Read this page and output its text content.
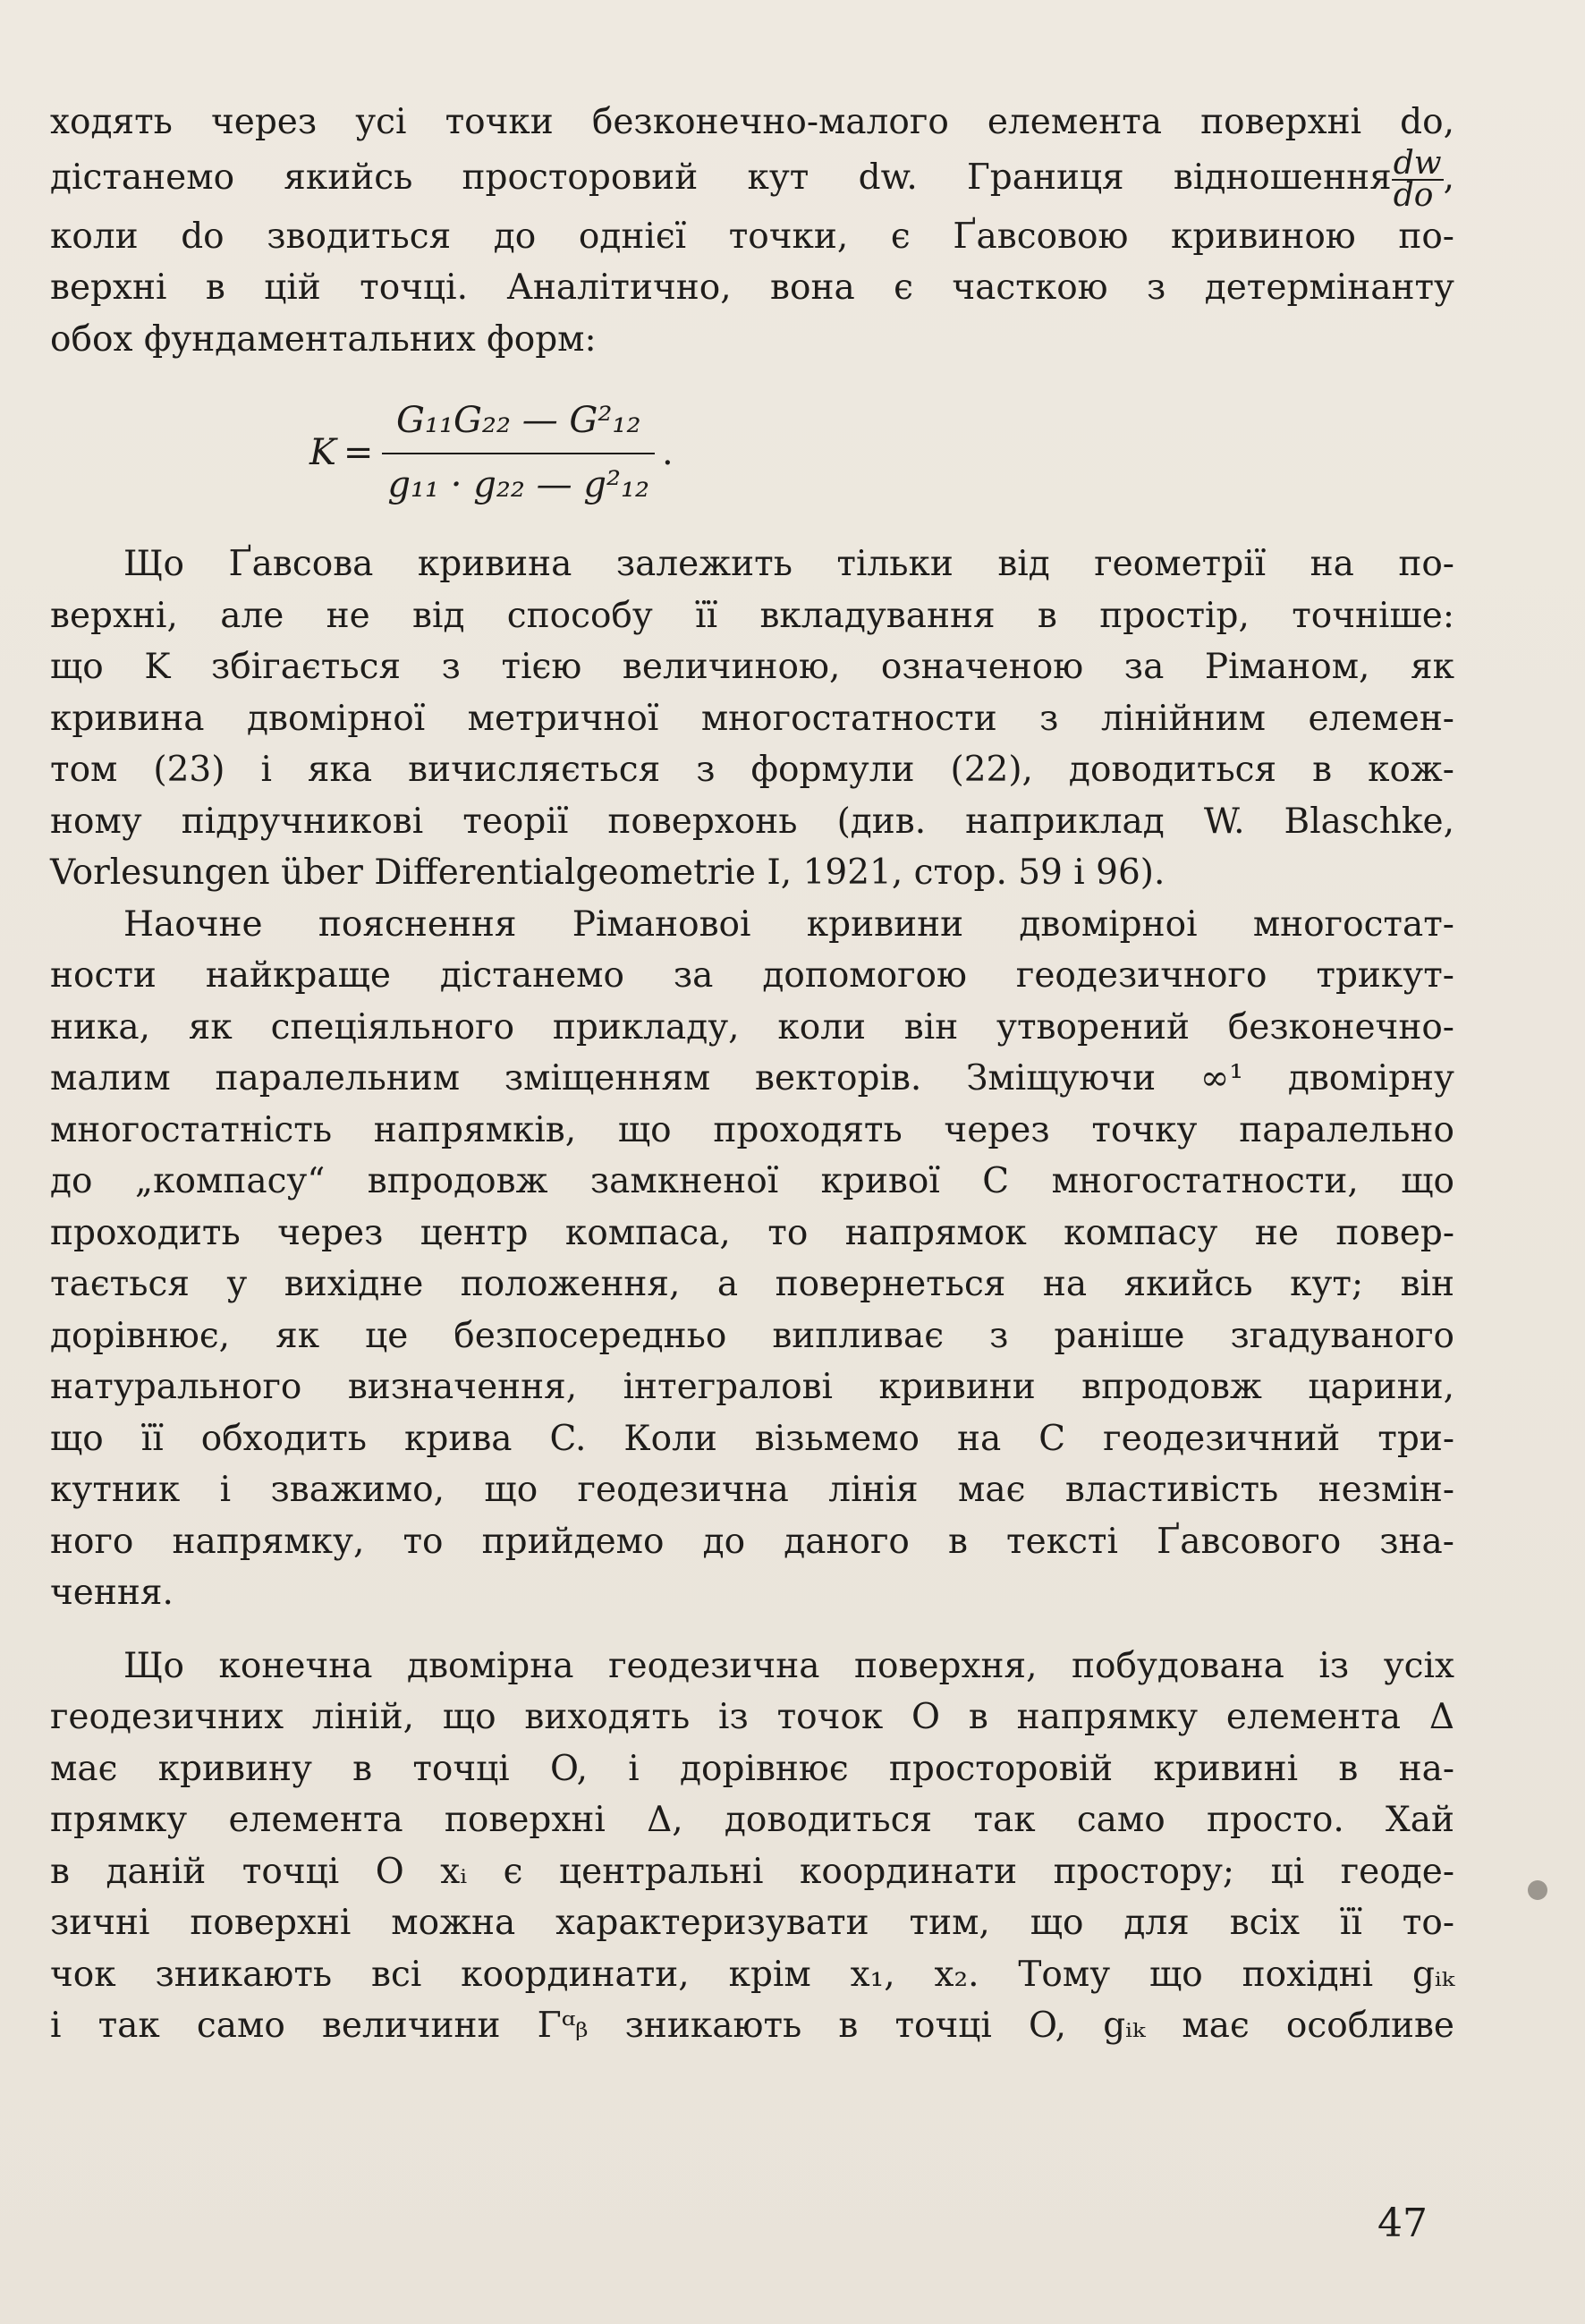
ходять через усі точки безконечно-малого елемента поверхні do,
дістанемо якийсь просторовий кут dw. Границя відношення $\frac{dw}{do}$ ,
коли do зводиться до однієї точки, є Ґавсовою кривиною по-
верхні в цій точці. Аналітично, вона є часткою з детермінанту
обох фундаментальних форм:
$K = \frac{\text{G₁₁G₂₂ — G²₁₂}}{\text{g₁₁ · g₂₂ — g²₁₂}}$ .
Що Ґавсова кривина залежить тільки від геометрії на по-
верхні, але не від способу її вкладування в простір, точніше:
що K збігається з тією величиною, означеною за Ріманом, як
кривина двомірної метричної многостатности з лінійним елемен-
том (23) і яка вичисляється з формули (22), доводиться в кож-
ному підручникові теорії поверхонь (див. наприклад W. Blaschke,
Vorlesungen über Differentialgeometrie I, 1921, стор. 59 і 96).
Наочне пояснення Рімановоі кривини двомірноі многостат-
ности найкраще дістанемо за допомогою геодезичного трикут-
ника, як спеціяльного прикладу, коли він утворений безконечно-
малим паралельним зміщенням векторів. Зміщуючи ∞¹ двомірну
многостатність напрямків, що проходять через точку паралельно
до „компасу“ впродовж замкненої кривої C многостатности, що
проходить через центр компаса, то напрямок компасу не повер-
тається у вихідне положення, а повернеться на якийсь кут; він
дорівнює, як це безпосередньо випливає з раніше згадуваного
натурального визначення, інтегралові кривини впродовж царини,
що її обходить крива C. Коли візьмемо на C геодезичний три-
кутник і зважимо, що геодезична лінія має властивість незмін-
ного напрямку, то прийдемо до даного в тексті Ґавсового зна-
чення.
Що конечна двомірна геодезична поверхня, побудована із усіх
геодезичних ліній, що виходять із точок O в напрямку елемента Δ
має кривину в точці O, і дорівнює просторовій кривині в на-
прямку елемента поверхні Δ, доводиться так само просто. Хай
в даній точці O xᵢ є центральні координати простору; ці геоде-
зичні поверхні можна характеризувати тим, що для всіх її то-
чок зникають всі координати, крім x₁, x₂. Тому що похідні gᵢₖ
і так само величини Γᵅᵦ зникають в точці O, gᵢₖ має особливе
47
